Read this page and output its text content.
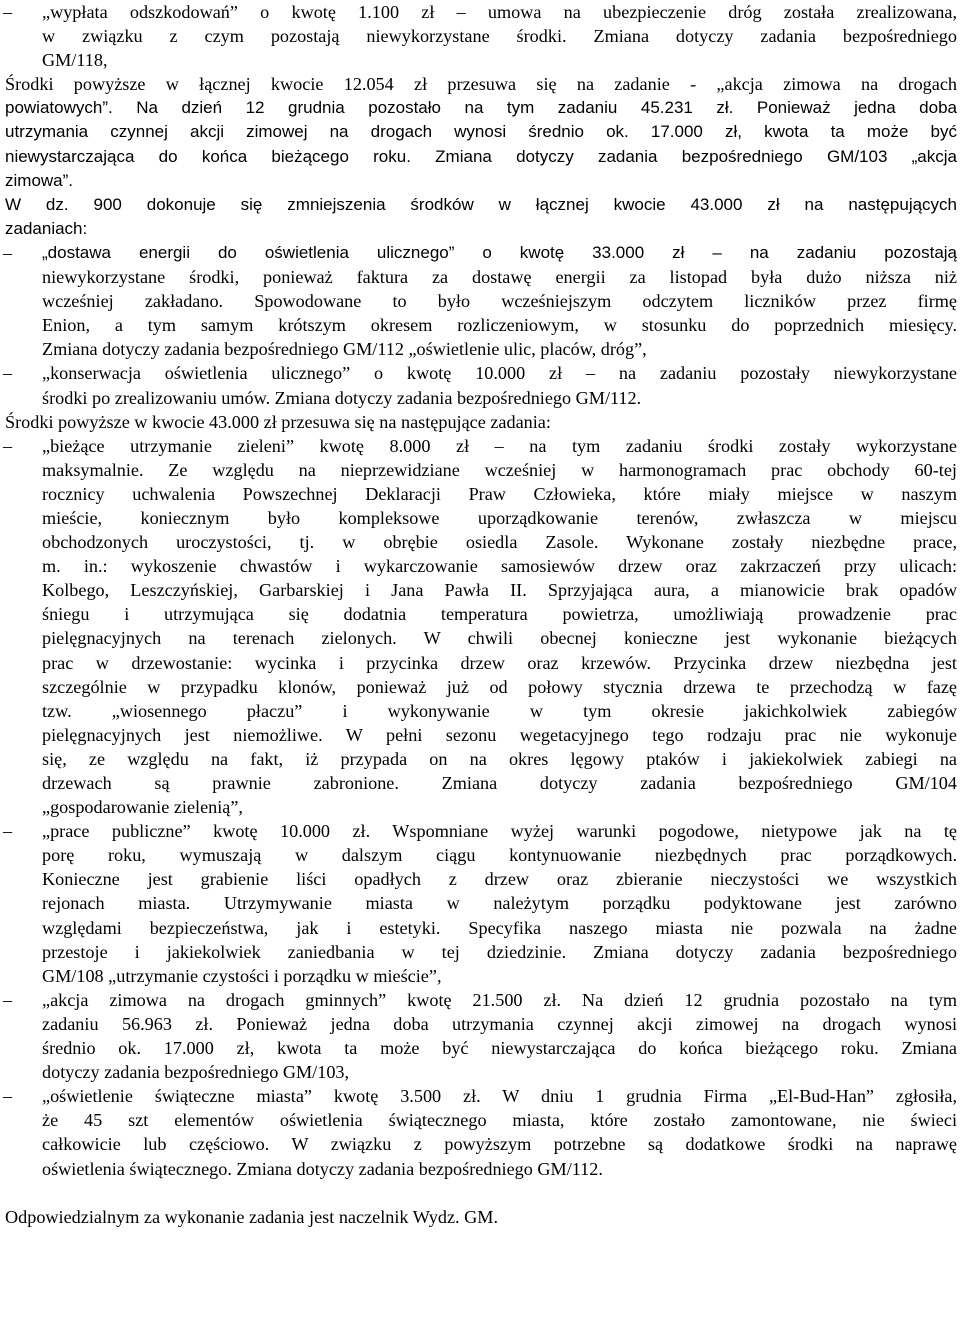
–	„wypłata odszkodowań” o kwotę 1.100 zł – umowa na ubezpieczenie dróg została zrealizowana,
w związku z czym pozostają niewykorzystane środki. Zmiana dotyczy zadania bezpośredniego
GM/118,
Środki powyższe w łącznej kwocie 12.054 zł przesuwa się na zadanie - „akcja zimowa na drogach
powiatowych”. Na dzień 12 grudnia pozostało na tym zadaniu 45.231 zł. Ponieważ jedna doba
utrzymania czynnej akcji zimowej na drogach wynosi średnio ok. 17.000 zł, kwota ta może być
niewystarczająca do końca bieżącego roku. Zmiana dotyczy zadania bezpośredniego GM/103 „akcja
zimowa”.
W dz. 900 dokonuje się zmniejszenia środków w łącznej kwocie 43.000 zł na następujących
zadaniach:
–	„dostawa energii do oświetlenia ulicznego” o kwotę 33.000 zł – na zadaniu pozostają
niewykorzystane środki, ponieważ faktura za dostawę energii za listopad była dużo niższa niż
wcześniej zakładano. Spowodowane to było wcześniejszym odczytem liczników przez firmę
Enion, a tym samym krótszym okresem rozliczeniowym, w stosunku do poprzednich miesięcy.
Zmiana dotyczy zadania bezpośredniego GM/112 „oświetlenie ulic, placów, dróg”,
–	„konserwacja oświetlenia ulicznego” o kwotę 10.000 zł – na zadaniu pozostały niewykorzystane
środki po zrealizowaniu umów. Zmiana dotyczy zadania bezpośredniego GM/112.
Środki powyższe w kwocie 43.000 zł przesuwa się na następujące zadania:
–	„bieżące utrzymanie zieleni” kwotę 8.000 zł – na tym zadaniu środki zostały wykorzystane
maksymalnie. Ze względu na nieprzewidziane wcześniej w harmonogramach prac obchody 60-tej
rocznicy uchwalenia Powszechnej Deklaracji Praw Człowieka, które miały miejsce w naszym
mieście, koniecznym było kompleksowe uporządkowanie terenów, zwłaszcza w miejscu
obchodzonych uroczystości, tj. w obrębie osiedla Zasole. Wykonane zostały niezbędne prace,
m. in.: wykoszenie chwastów i wykarczowanie samosiewów drzew oraz zakrzaczeń przy ulicach:
Kolbego, Leszczyńskiej, Garbarskiej i Jana Pawła II. Sprzyjająca aura, a mianowicie brak opadów
śniegu i utrzymująca się dodatnia temperatura powietrza, umożliwiają prowadzenie prac
pielęgnacyjnych na terenach zielonych. W chwili obecnej konieczne jest wykonanie bieżących
prac w drzewostanie: wycinka i przycinka drzew oraz krzewów. Przycinka drzew niezbędna jest
szczególnie w przypadku klonów, ponieważ już od połowy stycznia drzewa te przechodzą w fazę
tzw. „wiosennego płaczu” i wykonywanie w tym okresie jakichkolwiek zabiegów
pielęgnacyjnych jest niemożliwe. W pełni sezonu wegetacyjnego tego rodzaju prac nie wykonuje
się, ze względu na fakt, iż przypada on na okres lęgowy ptaków i jakiekolwiek zabiegi na
drzewach są prawnie zabronione. Zmiana dotyczy zadania bezpośredniego GM/104
„gospodarowanie zielenią”,
–	„prace publiczne” kwotę 10.000 zł. Wspomniane wyżej warunki pogodowe, nietypowe jak na tę
porę roku, wymuszają w dalszym ciągu kontynuowanie niezbędnych prac porządkowych.
Konieczne jest grabienie liści opadłych z drzew oraz zbieranie nieczystości we wszystkich
rejonach miasta. Utrzymywanie miasta w należytym porządku podyktowane jest zarówno
względami bezpieczeństwa, jak i estetyki. Specyfika naszego miasta nie pozwala na żadne
przestoje i jakiekolwiek zaniedbania w tej dziedzinie. Zmiana dotyczy zadania bezpośredniego
GM/108 „utrzymanie czystości i porządku w mieście”,
–	„akcja zimowa na drogach gminnych” kwotę 21.500 zł. Na dzień 12 grudnia pozostało na tym
zadaniu 56.963 zł. Ponieważ jedna doba utrzymania czynnej akcji zimowej na drogach wynosi
średnio ok. 17.000 zł, kwota ta może być niewystarczająca do końca bieżącego roku. Zmiana
dotyczy zadania bezpośredniego GM/103,
–	„oświetlenie świąteczne miasta” kwotę 3.500 zł. W dniu 1 grudnia Firma „El-Bud-Han” zgłosiła,
że 45 szt elementów oświetlenia świątecznego miasta, które zostało zamontowane, nie świeci
całkowicie lub częściowo. W związku z powyższym potrzebne są dodatkowe środki na naprawę
oświetlenia świątecznego. Zmiana dotyczy zadania bezpośredniego GM/112.
Odpowiedzialnym za wykonanie zadania jest naczelnik Wydz. GM.
